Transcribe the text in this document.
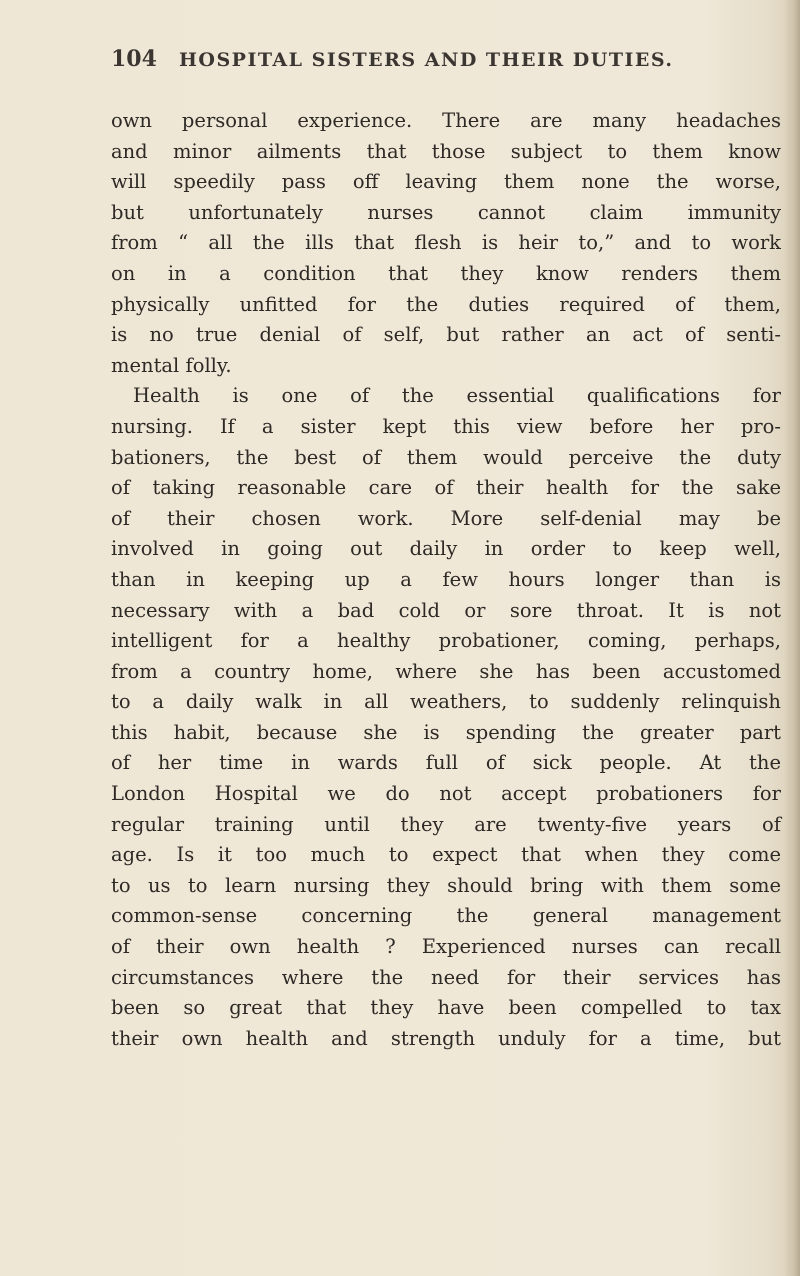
104 HOSPITAL SISTERS AND THEIR DUTIES.
own personal experience. There are many headaches
and minor ailments that those subject to them know
will speedily pass off leaving them none the worse,
but unfortunately nurses cannot claim immunity
from “ all the ills that flesh is heir to,” and to work
on in a condition that they know renders them
physically unfitted for the duties required of them,
is no true denial of self, but rather an act of senti-
mental folly.
Health is one of the essential qualifications for
nursing. If a sister kept this view before her pro-
bationers, the best of them would perceive the duty
of taking reasonable care of their health for the sake
of their chosen work. More self-denial may be
involved in going out daily in order to keep well,
than in keeping up a few hours longer than is
necessary with a bad cold or sore throat. It is not
intelligent for a healthy probationer, coming, perhaps,
from a country home, where she has been accustomed
to a daily walk in all weathers, to suddenly relinquish
this habit, because she is spending the greater part
of her time in wards full of sick people. At the
London Hospital we do not accept probationers for
regular training until they are twenty-five years of
age. Is it too much to expect that when they come
to us to learn nursing they should bring with them some
common-sense concerning the general management
of their own health ? Experienced nurses can recall
circumstances where the need for their services has
been so great that they have been compelled to tax
their own health and strength unduly for a time, but
